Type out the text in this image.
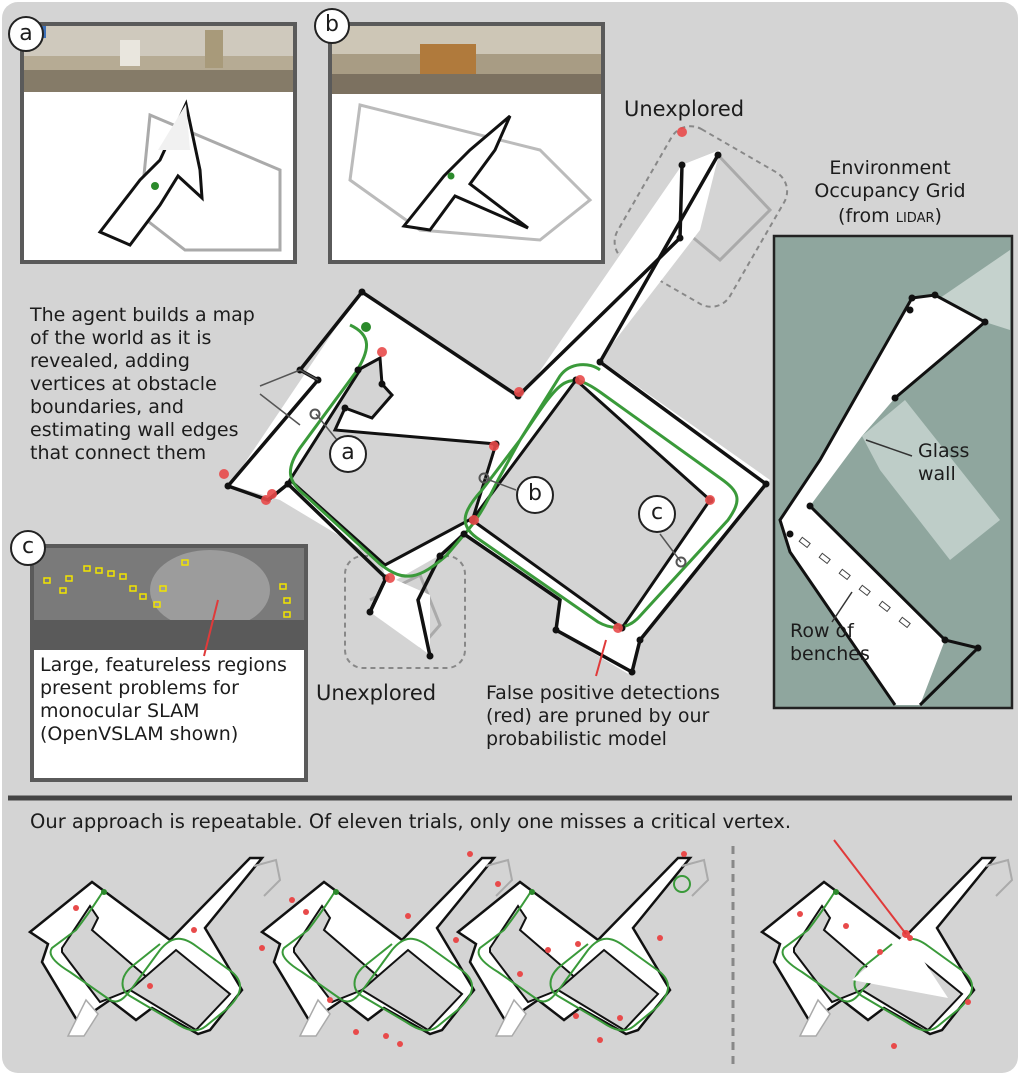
a	b
c
a
b
c
Unexplored
Unexplored
The agent builds a map of the world as it is revealed, adding vertices at obstacle boundaries, and estimating wall edges that connect them
Large, featureless regions present problems for monocular SLAM (OpenVSLAM shown)
False positive detections (red) are pruned by our probabilistic model
Environment Occupancy Grid
(from lidar)
Glass wall
Row of benches
Our approach is repeatable. Of eleven trials, only one misses a critical vertex.
